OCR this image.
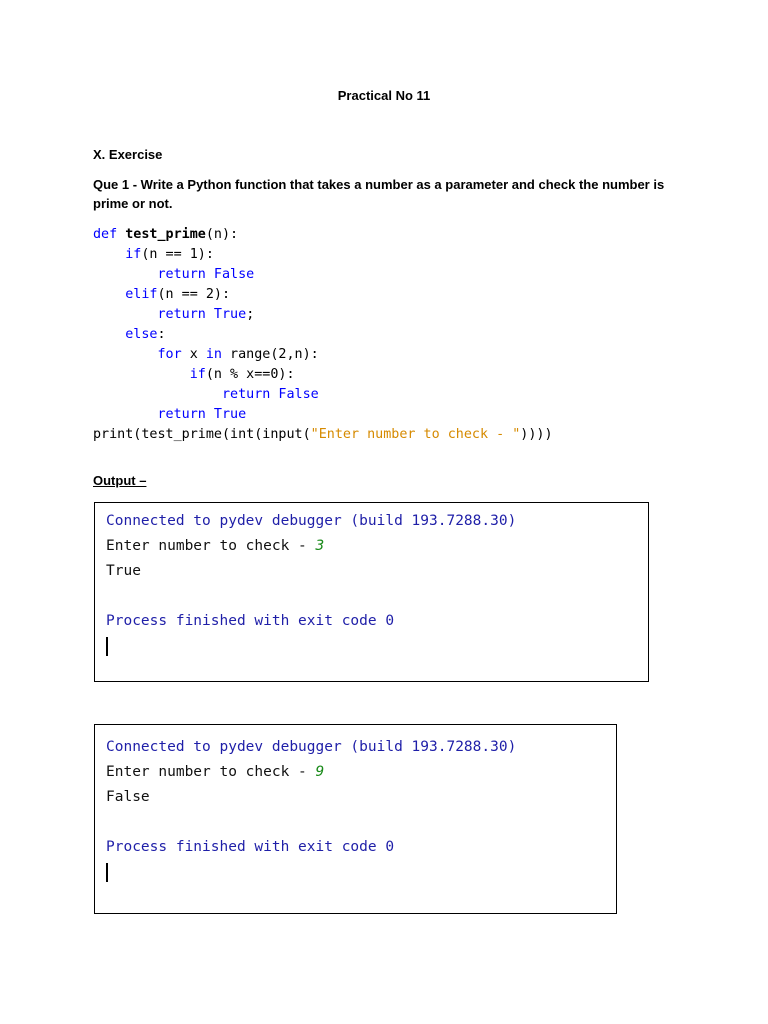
Practical No 11
X. Exercise
Que 1 - Write a Python function that takes a number as a parameter and check the number is prime or not.
def test_prime(n):
if(n == 1):
return False
elif(n == 2):
return True;
else:
for x in range(2,n):
if(n % x==0):
return False
return True
print(test_prime(int(input("Enter number to check - "))))
Output –
Connected to pydev debugger (build 193.7288.30)
Enter number to check - 3
True
Process finished with exit code 0
Connected to pydev debugger (build 193.7288.30)
Enter number to check - 9
False
Process finished with exit code 0
